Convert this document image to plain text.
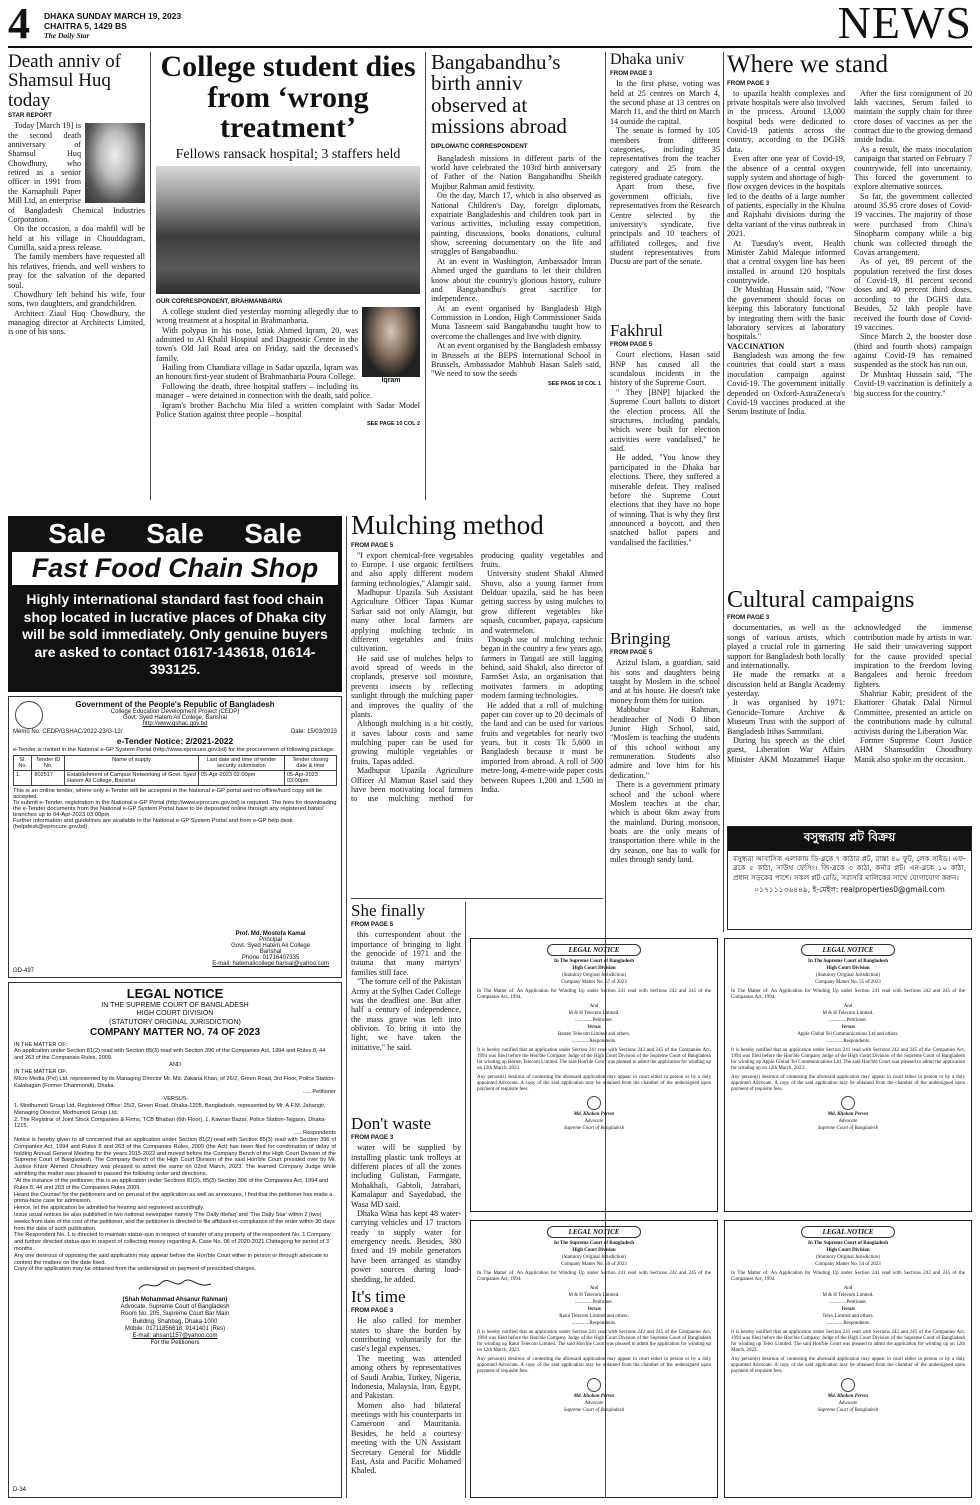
4 DHAKA SUNDAY MARCH 19, 2023
CHAITRA 5, 1429 BS
The Daily Star	NEWS
Death anniv of Shamsul Huq today
STAR REPORT

Today [March 19] is the second death anniversary of Shamsul Huq Chowdhury, who retired as a senior officer in 1991 from the Karnaphuli Paper Mill Ltd, an enterprise of Bangladesh Chemical Industries Corporation.

On the occasion, a doa mahfil will be held at his village in Chouddagram, Cumilla, said a press release.

The family members have requested all his relatives, friends, and well wishers to pray for the salvation of the departed soul.

Chowdhury left behind his wife, four sons, two daughters, and grandchildren.

Architect Ziaul Huq Chowdhury, the managing director at Architects Limited, is one of his sons.

College student dies from ‘wrong treatment’
Fellows ransack hospital; 3 staffers held
OUR CORRESPONDENT, BRAHMANBARIA
Iqram

A college student died yesterday morning allegedly due to wrong treatment at a hospital in Brahmanbaria.

With polypus in his nose, Istiak Ahmed Iqram, 20, was admitted to Al Khalil Hospital and Diagnostic Centre in the town's Old Jail Road area on Friday, said the deceased's family.

Hailing from Chandiara village in Sadar upazila, Iqram was an honours first-year student of Brahmanbaria Poura College.

Following the death, three hospital staffers – including its manager – were detained in connection with the death, said police.

Iqram's brother Bachchu Mia filed a written complaint with Sadar Model Police Station against three people – hospital

SEE PAGE 10 COL 2
Bangabandhu’s birth anniv observed at missions abroad
DIPLOMATIC CORRESPONDENT

Bangladesh missions in different parts of the world have celebrated the 103rd birth anniversary of Father of the Nation Bangabandhu Sheikh Mujibur Rahman amid festivity.

On the day, March 17, which is also observed as National Children's Day, foreign diplomats, expatriate Bangladeshis and children took part in various activities, including essay competition, painting, discussions, books donations, cultural show, screening documentary on the life and struggles of Bangabandhu.

At an event in Washington, Ambassador Imran Ahmed urged the guardians to let their children know about the country's glorious history, culture and Bangabandhu's great sacrifice for independence.

At an event organised by Bangladesh High Commission in London, High Commissioner Saida Muna Tasneem said Bangabandhu taught how to overcome the challenges and live with dignity.

At an event organised by the Bangladesh embassy in Brussels at the BEPS International School in Brussels, Ambassador Mahbub Hasan Saleh said, "We need to sow the seeds

SEE PAGE 10 COL 1
Dhaka univ
FROM PAGE 3

In the first phase, voting was held at 25 centres on March 4, the second phase at 13 centres on March 11, and the third on March 14 outside the capital.

The senate is formed by 105 members from different categories, including 35 representatives from the teacher category and 25 from the registered graduate category.

Apart from these, five government officials, five representatives from the Research Centre selected by the university's syndicate, five principals and 10 teachers of affiliated colleges, and five student representatives from Ducsu are part of the senate.

Fakhrul
FROM PAGE 5

Court elections, Hasan said BNP has caused all the scandalous incidents in the history of the Supreme Court.

" They [BNP] hijacked the Supreme Court ballots to distort the election process. All the structures, including pandals, which were built for election activities were vandalised," he said.

He added, "You know they participated in the Dhaka bar elections. There, they suffered a miserable defeat. They realised before the Supreme Court elections that they have no hope of winning. That is why they first announced a boycott, and then snatched ballot papers and vandalised the facilities."

Where we stand
FROM PAGE 3

to upazila health complexes and private hospitals were also involved in the process. Around 13,000 hospital beds were dedicated to Covid-19 patients across the country, according to the DGHS data.

Even after one year of Covid-19, the absence of a central oxygen supply system and shortage of high-flow oxygen devices in the hospitals led to the deaths of a large number of patients, especially in the Khulna and Rajshahi divisions during the delta variant of the virus outbreak in 2021.

At Tuesday's event, Health Minister Zahid Maleque informed that a central oxygen line has been installed in around 120 hospitals countrywide.

Dr Mushtaq Hussain said, "Now the government should focus on keeping this laboratory functional by integrating them with the basic laboratory services at laboratory hospitals."

VACCINATION

Bangladesh was among the few countries that could start a mass inoculation campaign against Covid-19. The government initially depended on Oxford-AstraZeneca's Covid-19 vaccines produced at the Serum Institute of India.

After the first consignment of 20 lakh vaccines, Serum failed to maintain the supply chain for three crore doses of vaccines as per the contract due to the growing demand inside India.

As a result, the mass inoculation campaign that started on February 7 countrywide, fell into uncertainty. This forced the government to explore alternative sources.

So far, the government collected around 35.95 crore doses of Covid-19 vaccines. The majority of those were purchased from China's Sinopharm company while a big chunk was collected through the Covax arrangement.

As of yet, 89 percent of the population received the first doses of Covid-19, 81 percent second doses and 40 percent third doses, according to the DGHS data. Besides, 52 lakh people have received the fourth dose of Covid-19 vaccines.

Since March 2, the booster dose (third and fourth shots) campaign against Covid-19 has remained suspended as the stock has run out.

Dr Mushtaq Hussain said, "The Covid-19 vaccination is definitely a big success for the country."

Sale Sale Sale
Fast Food Chain Shop
Highly international standard fast food chain shop located in lucrative places of Dhaka city will be sold immediately. Only genuine buyers are asked to contact 01617-143618, 01614-393125.
Government of the People's Republic of Bangladesh
College Education Development Project (CEDP)
Govt. Syed Hatem Ali College, Barishal
http://www.gshac.gov.bd
Memo No. CEDP/GSHAC/2022-23/G-12/	Date: 15/03/2023
e-Tender Notice: 2/2021-2022
e-Tender is invited in the National e-GP System Portal (http://www.eprocure.gov.bd) for the procurement of following package:
Sl. No.	Tender ID No.	Name of supply	Last date and time of tender security submission	Tender closing date & time
1.	802517	Establishment of Campus Networking of Govt. Syed Hatem Ali College, Barishal	05-Apr-2023 02:00pm	05-Apr-2023 03:00pm
This is an online tender, where only e-Tender will be accepted in the National e-GP portal and no offline/hard copy will be accepted.
To submit e-Tender, registration in the National e-GP Portal (http://www.eprocure.gov.bd) is required. The fees for downloading the e-Tender documents from the National e-GP System Portal have to be deposited online through any registered banks' branches up to 04-Apr-2023 03:00pm.
Further information and guidelines are available in the National e-GP System Portal and from e-GP help desk (helpdesk@eprocure.gov.bd).
Prof. Md. Mostofa Kamal
Principal
Govt. Syed Hatem Ali College
Barishal
Phone: 01716407335
E-mail: hatemalicollege.barisal@yahoo.com
GD-497
LEGAL NOTICE
IN THE SUPREME COURT OF BANGLADESH
HIGH COURT DIVISION
(STATUTORY ORIGINAL JURISDICTION)
COMPANY MATTER NO. 74 OF 2023
IN THE MATTER OF:
An application under Section 81(2) read with Section 85(3) read with Section 396 of the Companies Act, 1994 and Rules 8, 44 and 263 of the Companies Rules, 2009.
AND
IN THE MATTER OF:
Micro Media (Pvt) Ltd. represented by its Managing Director Mr. Md. Zakaria Khan, of 26/2, Green Road, 3rd Floor, Police Station-Kalabagan (Former Dhanmondi), Dhaka.
..... Petitioner
-VERSUS-
1. Modhumoti Group Ltd, Registered Office: 25/2, Green Road, Dhaka-1205, Bangladesh, represented by Mr. A.F.M. Jahangir, Managing Director, Modhumoti Group Ltd.
2. The Registrar of Joint Stock Companies & Firms, TCB Bhaban (6th Floor), 1, Kawran Bazar, Police Station-Tejgaon, Dhaka-1215.
..... Respondents
Notice is hereby given to all concerned that an application under Section 81(2) read with Section 85(3) read with Section 396 of Companies Act, 1994 and Rules 8 and 263 of the Companies Rules, 2009 (the Act) has been filed for condonation of delay of holding Annual General Meeting for the years 2015-2022 and moved before the Company Bench of the High Court Division of the Supreme Court of Bangladesh. The Company Bench of the High Court Division of the said Hon'ble Court presided over by Mr. Justice Khizir Ahmed Choudhury was pleased to admit the same on 02nd March, 2023. The learned Company Judge while admitting the matter was pleased to passed the following order and directions.
"At the instance of the petitioner, this is an application under Sections 81(2), 85(3) Section 396 of the Companies Act, 1994 and Rules 8, 44 and 263 of the Companies Rules 2009.
Heard the Counsel for the petitioners and on perusal of the application as well as annexures, I find that the petitioner has made a prima-facie case for admission.
Hence, let the application be admitted for hearing and registered accordingly.
Issue usual notices be also published in two national newspaper namely 'The Daily Ittefaq' and 'The Daily Star' within 2 (two) weeks from date of the cost of the petitioner, and the petitioner is directed to file affidavit-in-compliance of the order within 30 days from the date of such publication.
The Respondent No. 1 is directed to maintain status-quo in respect of transfer of any property of the respondent No. 1 Company and further directed status-quo in respect of collecting money regarding A. Case No. 06 of 2020-2021 Chittagong for period of 3 months.
Any one desirous of opposing the said application may appear before the Hon'ble Court either in person or through advocate to contest the matters on the date fixed.
Copy of the application may be obtained from the undersigned on payment of prescribed charges.
(Shah Mohammad Ahsanur Rahman)
Advocate, Supreme Court of Bangladesh
Room No. 205, Supreme Court Bar Main
Building, Shahbag, Dhaka-1000
Mobile: 01711856618, 9141401 (Res)
E-mail: ahsan1157@yahoo.com
For the Petitioners
D-34
Mulching method
FROM PAGE 5

"I export chemical-free vegetables to Europe. I use organic fertilisers and also apply different modern farming technologies," Alamgir said.

Madhupur Upazila Sub Assistant Agriculture Officer Tapas Kumar Sarkar said not only Alamgir, but many other local farmers are applying mulching technic in different vegetables and fruits cultivation.

He said use of mulches helps to avoid spread of weeds in the croplands, preserve soil moisture, prevents insects by reflecting sunlight through the mulching paper and improves the quality of the plants.

Although mulching is a bit costly, it saves labour costs and same mulching paper can be used for growing multiple vegetables or fruits, Tapas added.

Madhupur Upazila Agriculture Officer Al Mamun Rasel said they have been motivating local farmers to use mulching method for producing quality vegetables and fruits.

University student Shakil Ahmed Shuvo, also a young farmer from Delduar upazila, said he has been getting success by using mulches to grow different vegetables like squash, cucumber, papaya, capsicum and watermelon.

Though use of mulching technic began in the country a few years ago, farmers in Tangail are still lagging behind, said Shakil, also director of FarmSet Asia, an organisation that motivates farmers in adopting modern farming technologies.

He added that a roll of mulching paper can cover up to 20 decimals of the land and can be used for various fruits and vegetables for nearly two years, but it costs Tk 5,600 in Bangladesh because it must be imported from abroad. A roll of 500 metre-long, 4-metre-wide paper costs between Rupees 1,200 and 1,500 in India.

Bringing
FROM PAGE 5

Azizul Islam, a guardian, said his sons and daughters being taught by Moslem in the school and at his house. He doesn't take money from them for tuition.

Mabbubur Rahman, headteacher of Nodi O Jibon Junior High School, said, "Moslem is teaching the students of this school without any remuneration. Students also admire and love him for his dedication."

There is a government primary school and the school where Moslem teaches at the char, which is about 6km away from the mainland. During monsoon, boats are the only means of transportation there while in the dry season, one has to walk for miles through sandy land.

Cultural campaigns
FROM PAGE 3

documentaries, as well as the songs of various artists, which played a crucial role in garnering support for Bangladesh both locally and internationally.

He made the remarks at a discussion held at Bangla Academy yesterday.

It was organised by 1971: Genocide-Torture Archive & Museum Trust with the support of Bangladesh Itihas Sammilani.

During his speech as the chief guest, Liberation War Affairs Minister AKM Mozammel Haque acknowledged the immense contribution made by artists in war. He said their unwavering support for the cause provided special inspiration to the freedom loving Bangalees and heroic freedom fighters.

Shahriar Kabir, president of the Ekattorer Ghatak Dalal Nirmul Committee, presented an article on the contributions made by cultural activists during the Liberation War.

Former Supreme Court Justice AHM Shamsuddin Choudhury Manik also spoke on the occasion.

বসুন্ধরায় প্লট বিক্রয়
বসুন্ধরা আবাসিক এলাকায় ডি-ব্লকে ৭ কাঠার প্লট, রাস্তা ৪০ ফুট, লেক সাইড। এফ-ব্লকে ৫ কাঠা, সাউথ ফেসিং। জি-ব্লকে ৩ কাঠা, কর্নার প্লট। এন-ব্লকে ১০ কাঠা, প্রধান সড়কের পাশে। সকল প্লট রেডি, সরাসরি মালিকের সাথে যোগাযোগ করুন।
০১৭১১১৩৬৪৪৯, ই-মেইল: realproperties0@gmail.com
She finally
FROM PAGE 5

this correspondent about the importance of bringing to light the genocide of 1971 and the trauma that many martyrs' families still face.

"The torture cell of the Pakistan Army at the Sylhet Cadet College was the deadliest one. But after half a century of independence, the mass grave was left into oblivion. To bring it into the light, we have taken the initiative," he said.

Don't waste
FROM PAGE 3

water will be supplied by installing plastic tank trolleys at different places of all the zones including Gulistan, Farmgate, Mohakhali, Gabtoli, Jatrabari, Kamalapur and Sayedabad, the Wasa MD said.

Dhaka Wasa has kept 48 water-carrying vehicles and 17 tractors ready to supply water for emergency needs. Besides, 380 fixed and 19 mobile generators have been arranged as standby power sources during load-shedding, he added.

It's time
FROM PAGE 3

He also called for member states to share the burden by contributing voluntarily for the case's legal expenses.

The meeting was attended among others by representatives of Saudi Arabia, Turkey, Nigeria, Indonesia, Malaysia, Iran, Egypt, and Pakistan.

Momen also had bilateral meetings with his counterparts in Cameroon and Mauritania. Besides, he held a courtesy meeting with the UN Assistant Secretary General for Middle East, Asia and Pacific Mohamed Khaled.

LEGAL NOTICE
In The Supreme Court of Bangladesh
High Court Division
(Statutory Original Jurisdiction)
Company Matter No. 57 of 2023
In The Matter of: An Application for Winding Up under Section 241 read with Sections 242 and 245 of the Companies Act, 1994.
And
M & H Telecom Limited.
..............Petitioner.
Versus
Besten Telecom Limited and others.
..............Respondents.
It is hereby notified that an application under Section 241 read with Sections 242 and 245 of the Companies Act, 1994 was filed before the Hon'ble Company Judge of the High Court Division of the Supreme Court of Bangladesh for winding up Besten Telecom Limited. The said Hon'ble Court was pleased to admit the application for winding up on 12th March, 2023.
Any person(s) desirous of contesting the aforesaid application may appear in court either in person or by a duly appointed Advocate. A copy of the said application may be obtained from the chamber of the undersigned upon payment of requisite fees.
Md. Khokon Pervez
Advocate
Supreme Court of Bangladesh
LEGAL NOTICE
In The Supreme Court of Bangladesh
High Court Division
(Statutory Original Jurisdiction)
Company Matter No. 55 of 2023
In The Matter of: An Application for Winding Up under Section 241 read with Sections 242 and 245 of the Companies Act, 1994.
And
M & H Telecom Limited.
..............Petitioner.
Versus
Apple Global Tel Communications Ltd and others.
..............Respondents.
It is hereby notified that an application under Section 241 read with Sections 242 and 245 of the Companies Act, 1994 was filed before the Hon'ble Company Judge of the High Court Division of the Supreme Court of Bangladesh for winding up Apple Global Tel Communications Ltd. The said Hon'ble Court was pleased to admit the application for winding up on 12th March, 2023.
Any person(s) desirous of contesting the aforesaid application may appear in court either in person or by a duly appointed Advocate. A copy of the said application may be obtained from the chamber of the undersigned upon payment of requisite fees.
Md. Khokon Pervez
Advocate
Supreme Court of Bangladesh
LEGAL NOTICE
In The Supreme Court of Bangladesh
High Court Division
(Statutory Original Jurisdiction)
Company Matter No. 56 of 2023
In The Matter of: An Application for Winding Up under Section 241 read with Sections 242 and 245 of the Companies Act, 1994.
And
M & H Telecom Limited.
..............Petitioner.
Versus
Ratul Telecom Limited and others.
..............Respondents.
It is hereby notified that an application under Section 241 read with Sections 242 and 245 of the Companies Act, 1994 was filed before the Hon'ble Company Judge of the High Court Division of the Supreme Court of Bangladesh for winding up Ratul Telecom Limited. The said Hon'ble Court was pleased to admit the application for winding up on 12th March, 2023.
Any person(s) desirous of contesting the aforesaid application may appear in court either in person or by a duly appointed Advocate. A copy of the said application may be obtained from the chamber of the undersigned upon payment of requisite fees.
Md. Khokon Pervez
Advocate
Supreme Court of Bangladesh
LEGAL NOTICE
In The Supreme Court of Bangladesh
High Court Division
(Statutory Original Jurisdiction)
Company Matter No. 54 of 2023
In The Matter of: An Application for Winding Up under Section 241 read with Sections 242 and 245 of the Companies Act, 1994.
And
M & H Telecom Limited.
..............Petitioner.
Versus
Telex Limited and others.
..............Respondents.
It is hereby notified that an application under Section 241 read with Sections 242 and 245 of the Companies Act, 1994 was filed before the Hon'ble Company Judge of the High Court Division of the Supreme Court of Bangladesh for winding up Telex Limited. The said Hon'ble Court was pleased to admit the application for winding up on 12th March, 2023.
Any person(s) desirous of contesting the aforesaid application may appear in court either in person or by a duly appointed Advocate. A copy of the said application may be obtained from the chamber of the undersigned upon payment of requisite fees.
Md. Khokon Pervez
Advocate
Supreme Court of Bangladesh
